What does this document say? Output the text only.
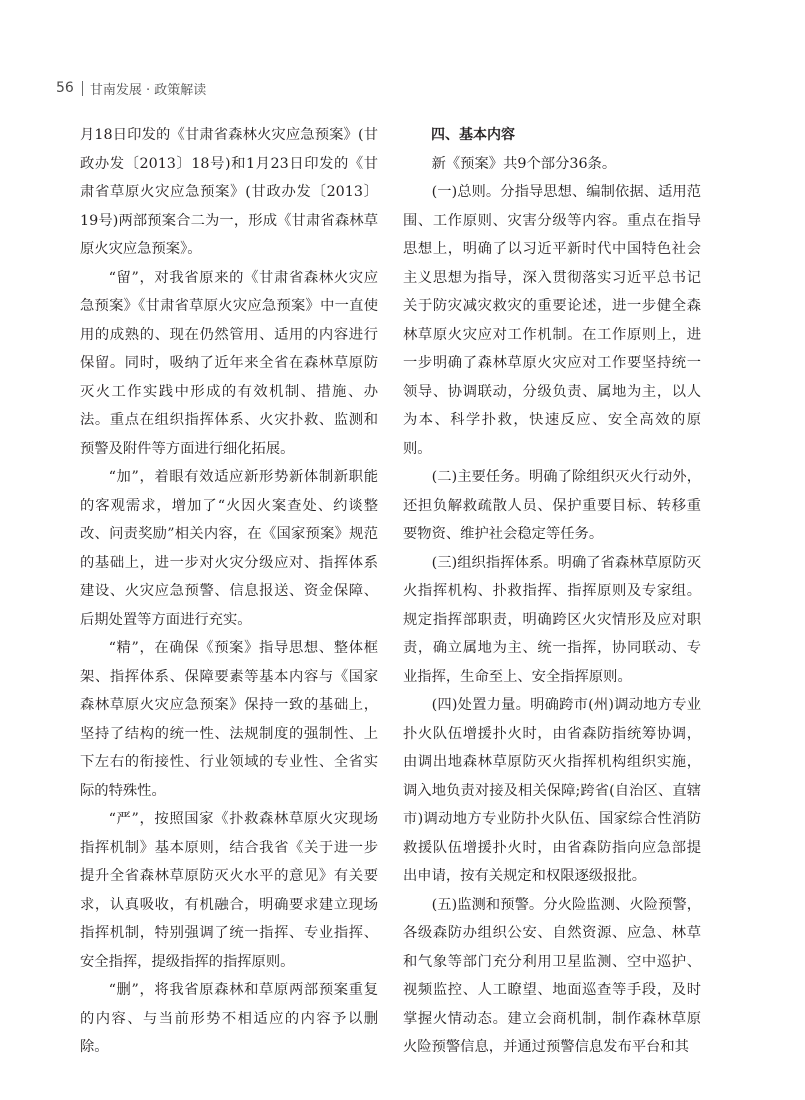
56 甘南发展 · 政策解读

月18日印发的《甘肃省森林火灾应急预案》(甘政办发〔2013〕18号)和1月23日印发的《甘肃省草原火灾应急预案》(甘政办发〔2013〕19号)两部预案合二为一，形成《甘肃省森林草原火灾应急预案》。

“留”，对我省原来的《甘肃省森林火灾应急预案》《甘肃省草原火灾应急预案》中一直使用的成熟的、现在仍然管用、适用的内容进行保留。同时，吸纳了近年来全省在森林草原防灭火工作实践中形成的有效机制、措施、办法。重点在组织指挥体系、火灾扑救、监测和预警及附件等方面进行细化拓展。

“加”，着眼有效适应新形势新体制新职能的客观需求，增加了“火因火案查处、约谈整改、问责奖励”相关内容，在《国家预案》规范的基础上，进一步对火灾分级应对、指挥体系建设、火灾应急预警、信息报送、资金保障、后期处置等方面进行充实。

“精”，在确保《预案》指导思想、整体框架、指挥体系、保障要素等基本内容与《国家森林草原火灾应急预案》保持一致的基础上，坚持了结构的统一性、法规制度的强制性、上下左右的衔接性、行业领域的专业性、全省实际的特殊性。

“严”，按照国家《扑救森林草原火灾现场指挥机制》基本原则，结合我省《关于进一步提升全省森林草原防灭火水平的意见》有关要求，认真吸收，有机融合，明确要求建立现场指挥机制，特别强调了统一指挥、专业指挥、安全指挥，提级指挥的指挥原则。

“删”，将我省原森林和草原两部预案重复的内容、与当前形势不相适应的内容予以删除。

四、基本内容

新《预案》共9个部分36条。

(一)总则。分指导思想、编制依据、适用范围、工作原则、灾害分级等内容。重点在指导思想上，明确了以习近平新时代中国特色社会主义思想为指导，深入贯彻落实习近平总书记关于防灾减灾救灾的重要论述，进一步健全森林草原火灾应对工作机制。在工作原则上，进一步明确了森林草原火灾应对工作要坚持统一领导、协调联动，分级负责、属地为主，以人为本、科学扑救，快速反应、安全高效的原则。

(二)主要任务。明确了除组织灭火行动外，还担负解救疏散人员、保护重要目标、转移重要物资、维护社会稳定等任务。

(三)组织指挥体系。明确了省森林草原防灭火指挥机构、扑救指挥、指挥原则及专家组。规定指挥部职责，明确跨区火灾情形及应对职责，确立属地为主、统一指挥，协同联动、专业指挥，生命至上、安全指挥原则。

(四)处置力量。明确跨市(州)调动地方专业扑火队伍增援扑火时，由省森防指统筹协调，由调出地森林草原防灭火指挥机构组织实施，调入地负责对接及相关保障;跨省(自治区、直辖市)调动地方专业防扑火队伍、国家综合性消防救援队伍增援扑火时，由省森防指向应急部提出申请，按有关规定和权限逐级报批。

(五)监测和预警。分火险监测、火险预警，各级森防办组织公安、自然资源、应急、林草和气象等部门充分利用卫星监测、空中巡护、视频监控、人工瞭望、地面巡查等手段，及时掌握火情动态。建立会商机制，制作森林草原火险预警信息，并通过预警信息发布平台和其
